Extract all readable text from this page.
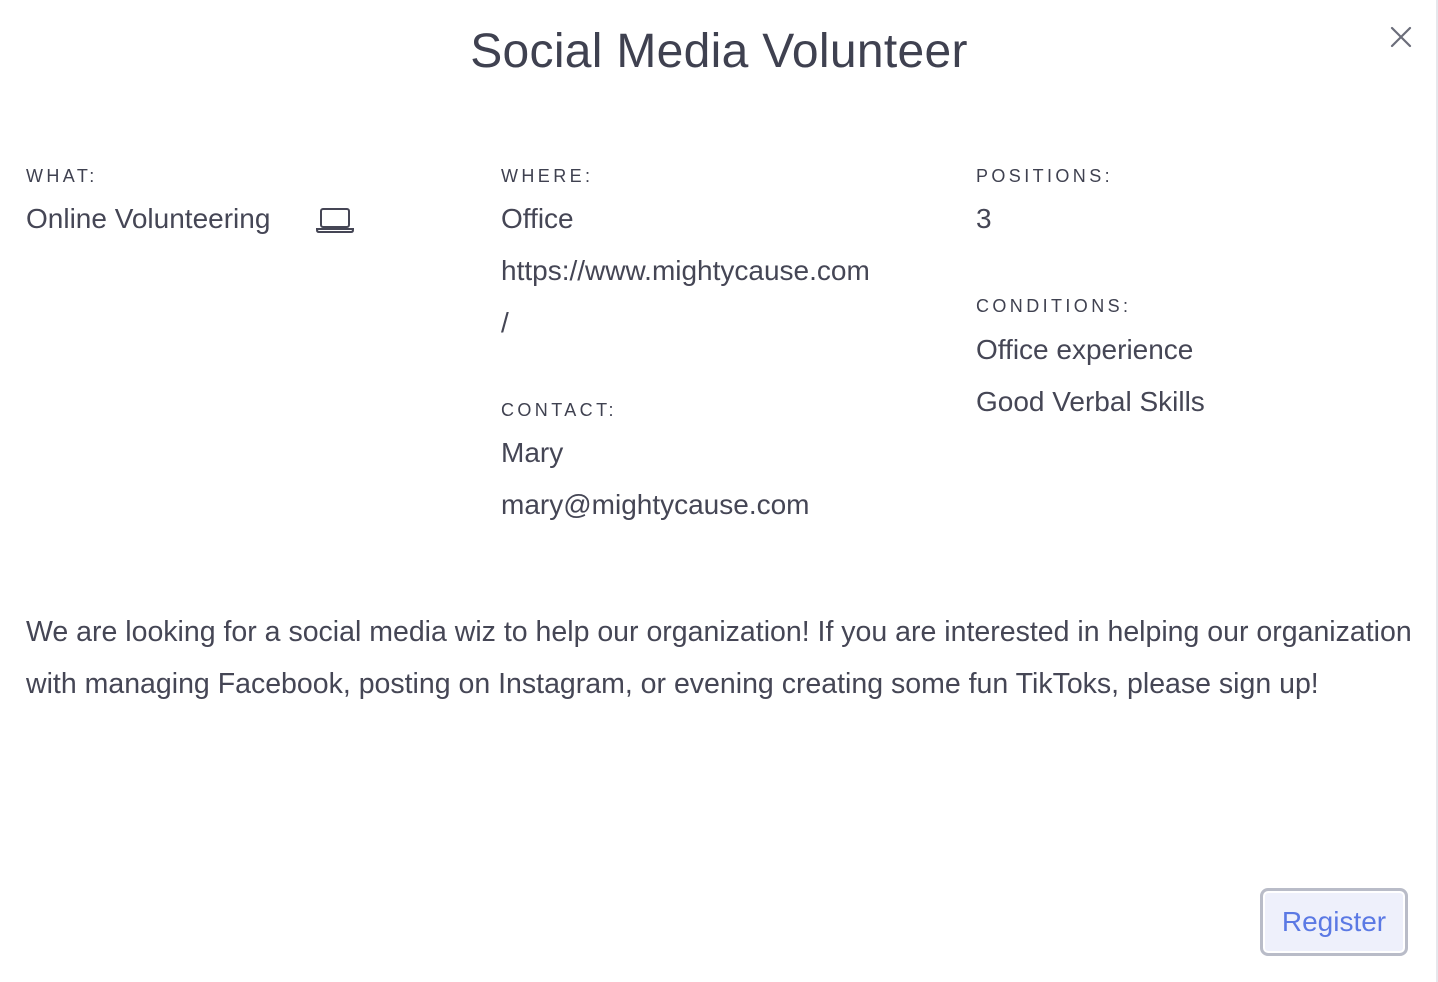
Social Media Volunteer
WHAT:
Online Volunteering
WHERE:
Office
https://www.mightycause.com
/
CONTACT:
Mary
mary@mightycause.com
POSITIONS:
3
CONDITIONS:
Office experience
Good Verbal Skills

We are looking for a social media wiz to help our organization! If you are interested in helping our organization with managing Facebook, posting on Instagram, or evening creating some fun TikToks, please sign up!

Register
